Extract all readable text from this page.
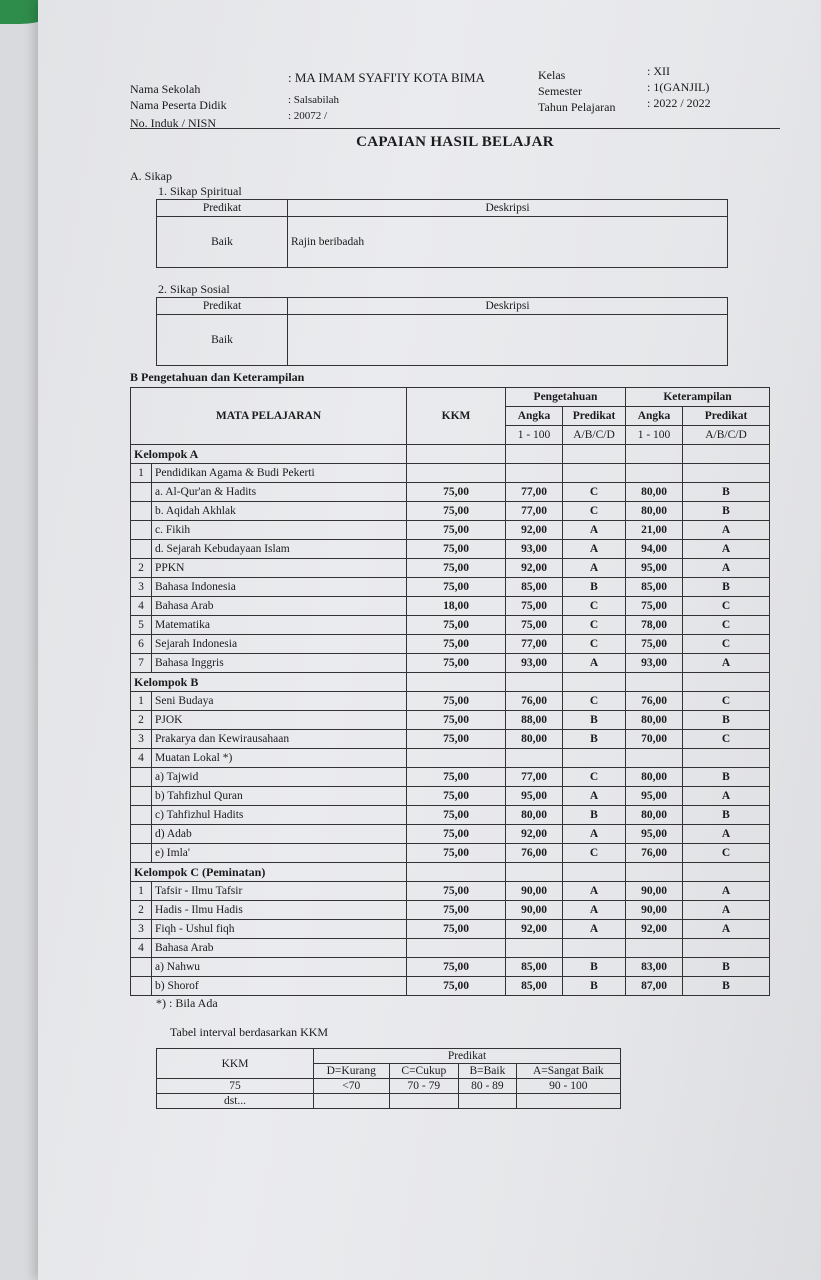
Nama Sekolah
: MA IMAM SYAFI'IY KOTA BIMA
Nama Peserta Didik	: Salsabilah
No. Induk / NISN	: 20072 /
Kelas	: XII
Semester	: 1(GANJIL)
Tahun Pelajaran	: 2022 / 2022
CAPAIAN HASIL BELAJAR
A. Sikap
1. Sikap Spiritual
Predikat	Deskripsi
Baik	Rajin beribadah
2. Sikap Sosial
Predikat	Deskripsi
Baik	
B Pengetahuan dan Keterampilan
MATA PELAJARAN		KKM	Pengetahuan		Keterampilan	
			Angka	Predikat	Angka	Predikat
			1 - 100	A/B/C/D	1 - 100	A/B/C/D
Kelompok A						
1	Pendidikan Agama & Budi Pekerti					
	a. Al-Qur'an & Hadits	75,00	77,00	C	80,00	B
	b. Aqidah Akhlak	75,00	77,00	C	80,00	B
	c. Fikih	75,00	92,00	A	21,00	A
	d. Sejarah Kebudayaan Islam	75,00	93,00	A	94,00	A
2	PPKN	75,00	92,00	A	95,00	A
3	Bahasa Indonesia	75,00	85,00	B	85,00	B
4	Bahasa Arab	18,00	75,00	C	75,00	C
5	Matematika	75,00	75,00	C	78,00	C
6	Sejarah Indonesia	75,00	77,00	C	75,00	C
7	Bahasa Inggris	75,00	93,00	A	93,00	A
Kelompok B						
1	Seni Budaya	75,00	76,00	C	76,00	C
2	PJOK	75,00	88,00	B	80,00	B
3	Prakarya dan Kewirausahaan	75,00	80,00	B	70,00	C
4	Muatan Lokal *)					
	a) Tajwid	75,00	77,00	C	80,00	B
	b) Tahfizhul Quran	75,00	95,00	A	95,00	A
	c) Tahfizhul Hadits	75,00	80,00	B	80,00	B
	d) Adab	75,00	92,00	A	95,00	A
	e) Imla'	75,00	76,00	C	76,00	C
Kelompok C (Peminatan)						
1	Tafsir - Ilmu Tafsir	75,00	90,00	A	90,00	A
2	Hadis - Ilmu Hadis	75,00	90,00	A	90,00	A
3	Fiqh - Ushul fiqh	75,00	92,00	A	92,00	A
4	Bahasa Arab					
	a) Nahwu	75,00	85,00	B	83,00	B
	b) Shorof	75,00	85,00	B	87,00	B
*) : Bila Ada
Tabel interval berdasarkan KKM
KKM	Predikat			
	D=Kurang	C=Cukup	B=Baik	A=Sangat Baik
75	<70	70 - 79	80 - 89	90 - 100
dst...				
